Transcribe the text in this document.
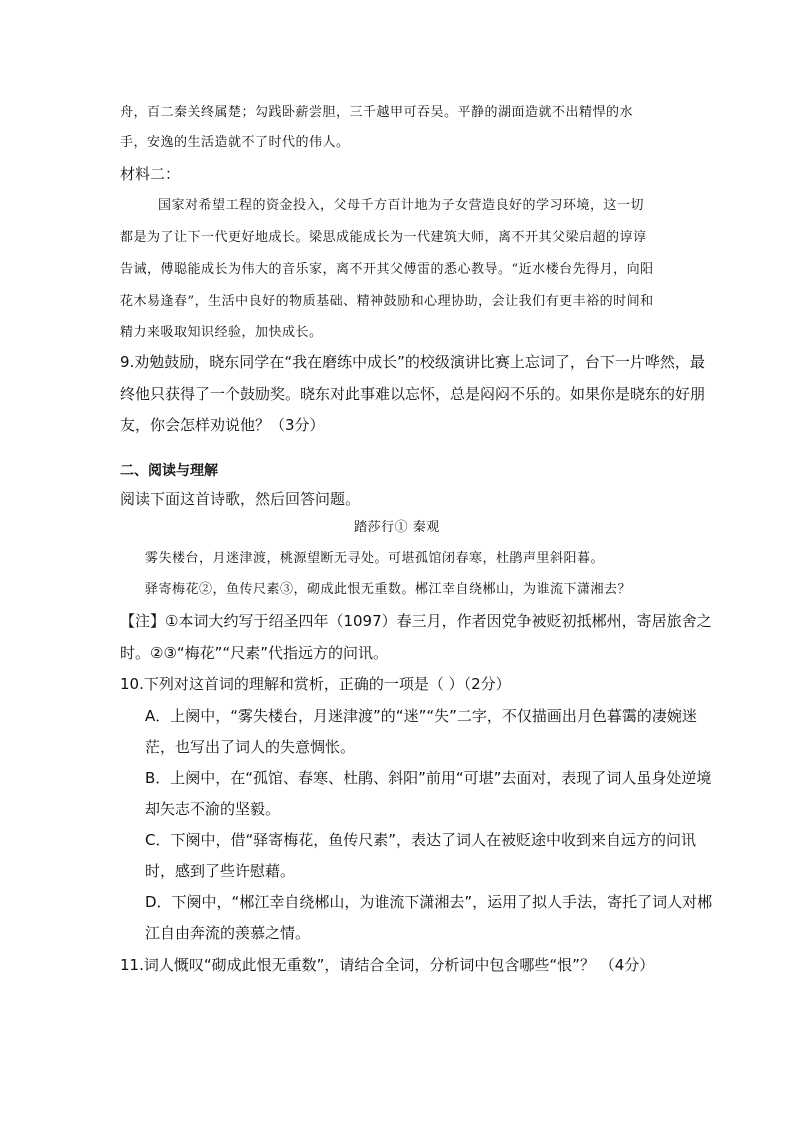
舟，百二秦关终属楚；勾践卧薪尝胆，三千越甲可吞吴。平静的湖面造就不出精悍的水
手，安逸的生活造就不了时代的伟人。
材料二：
国家对希望工程的资金投入，父母千方百计地为子女营造良好的学习环境，这一切
都是为了让下一代更好地成长。梁思成能成长为一代建筑大师，离不开其父梁启超的谆谆
告诫，傅聪能成长为伟大的音乐家，离不开其父傅雷的悉心教导。“近水楼台先得月，向阳
花木易逢春”，生活中良好的物质基础、精神鼓励和心理协助，会让我们有更丰裕的时间和
精力来吸取知识经验，加快成长。
9.劝勉鼓励，晓东同学在“我在磨练中成长”的校级演讲比赛上忘词了，台下一片哗然，最
终他只获得了一个鼓励奖。晓东对此事难以忘怀，总是闷闷不乐的。如果你是晓东的好朋
友，你会怎样劝说他？（3分）
二、阅读与理解
阅读下面这首诗歌，然后回答问题。
踏莎行① 秦观
雾失楼台，月迷津渡，桃源望断无寻处。可堪孤馆闭春寒，杜鹃声里斜阳暮。
驿寄梅花②，鱼传尺素③，砌成此恨无重数。郴江幸自绕郴山，为谁流下潇湘去？
【注】①本词大约写于绍圣四年（1097）春三月，作者因党争被贬初抵郴州，寄居旅舍之
时。②③“梅花”“尺素”代指远方的问讯。
10.下列对这首词的理解和赏析，正确的一项是（ ）（2分）
A．上阕中，“雾失楼台，月迷津渡”的“迷”“失”二字，不仅描画出月色暮霭的凄婉迷
茫，也写出了词人的失意惆怅。
B．上阕中，在“孤馆、春寒、杜鹃、斜阳”前用“可堪”去面对，表现了词人虽身处逆境
却矢志不渝的坚毅。
C．下阕中，借“驿寄梅花，鱼传尺素”，表达了词人在被贬途中收到来自远方的问讯
时，感到了些许慰藉。
D．下阕中，“郴江幸自绕郴山，为谁流下潇湘去”，运用了拟人手法，寄托了词人对郴
江自由奔流的羡慕之情。
11.词人慨叹“砌成此恨无重数”，请结合全词，分析词中包含哪些“恨”？ （4分）
